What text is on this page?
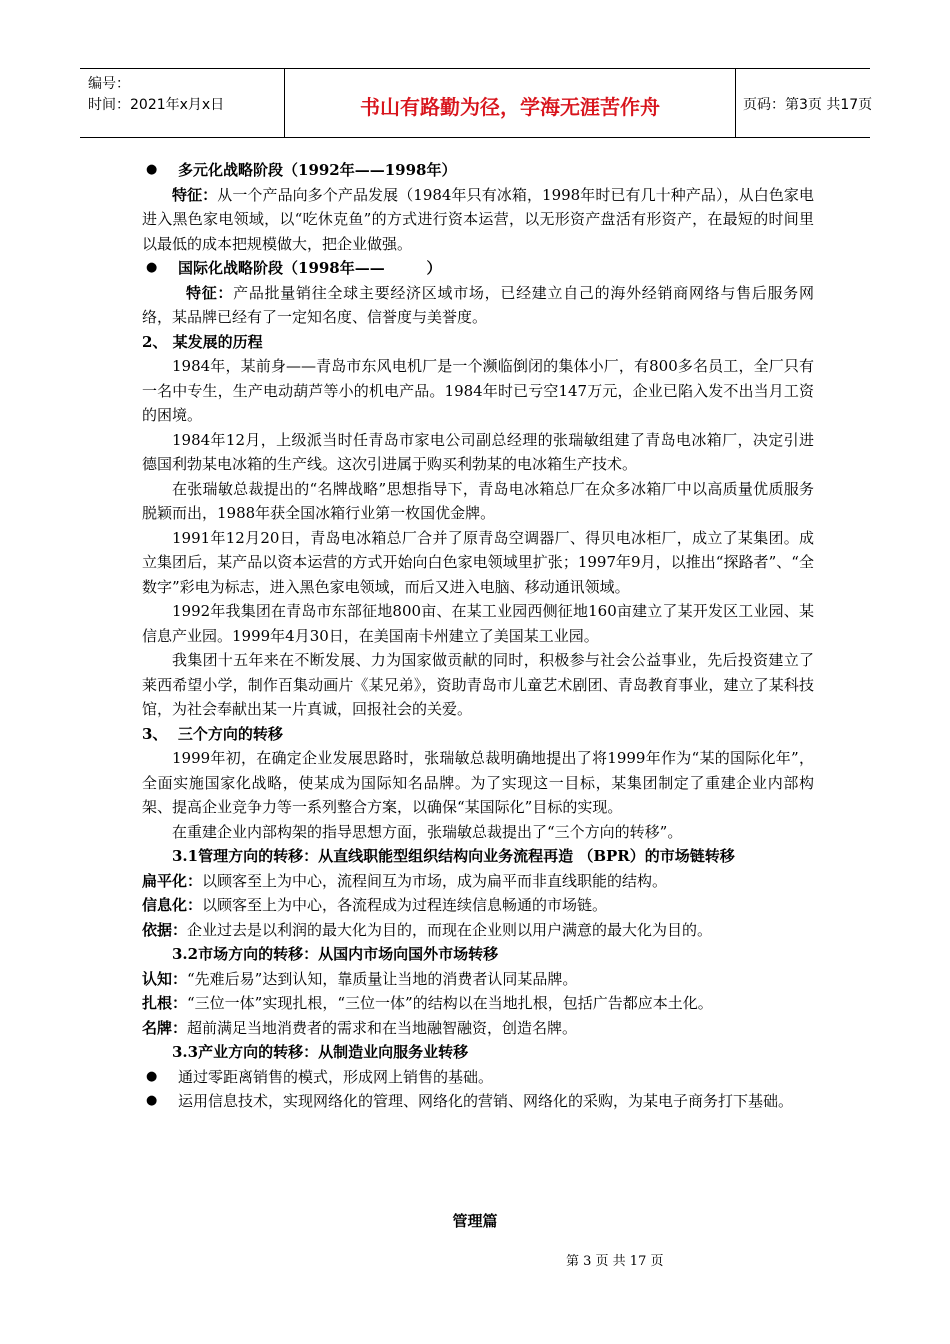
编号：
时间：2021年x月x日	书山有路勤为径，学海无涯苦作舟	页码：第3页 共17页
● 多元化战略阶段（1992年——1998年）

特征：从一个产品向多个产品发展（1984年只有冰箱，1998年时已有几十种产品），从白色家电进入黑色家电领域，以“吃休克鱼”的方式进行资本运营，以无形资产盘活有形资产，在最短的时间里以最低的成本把规模做大，把企业做强。

● 国际化战略阶段（1998年——        ）

特征：产品批量销往全球主要经济区域市场，已经建立自己的海外经销商网络与售后服务网络，某品牌已经有了一定知名度、信誉度与美誉度。

2、 某发展的历程

1984年，某前身——青岛市东风电机厂是一个濒临倒闭的集体小厂，有800多名员工，全厂只有一名中专生，生产电动葫芦等小的机电产品。1984年时已亏空147万元，企业已陷入发不出当月工资的困境。

1984年12月，上级派当时任青岛市家电公司副总经理的张瑞敏组建了青岛电冰箱厂，决定引进德国利勃某电冰箱的生产线。这次引进属于购买利勃某的电冰箱生产技术。

在张瑞敏总裁提出的“名牌战略”思想指导下，青岛电冰箱总厂在众多冰箱厂中以高质量优质服务脱颖而出，1988年获全国冰箱行业第一枚国优金牌。

1991年12月20日，青岛电冰箱总厂合并了原青岛空调器厂、得贝电冰柜厂，成立了某集团。成立集团后，某产品以资本运营的方式开始向白色家电领域里扩张；1997年9月，以推出“探路者”、“全数字”彩电为标志，进入黑色家电领域，而后又进入电脑、移动通讯领域。

1992年我集团在青岛市东部征地800亩、在某工业园西侧征地160亩建立了某开发区工业园、某信息产业园。1999年4月30日，在美国南卡州建立了美国某工业园。

我集团十五年来在不断发展、力为国家做贡献的同时，积极参与社会公益事业，先后投资建立了莱西希望小学，制作百集动画片《某兄弟》，资助青岛市儿童艺术剧团、青岛教育事业，建立了某科技馆，为社会奉献出某一片真诚，回报社会的关爱。

3、  三个方向的转移

1999年初，在确定企业发展思路时，张瑞敏总裁明确地提出了将1999年作为“某的国际化年”，全面实施国家化战略，使某成为国际知名品牌。为了实现这一目标，某集团制定了重建企业内部构架、提高企业竞争力等一系列整合方案，以确保“某国际化”目标的实现。

在重建企业内部构架的指导思想方面，张瑞敏总裁提出了“三个方向的转移”。

3.1管理方向的转移：从直线职能型组织结构向业务流程再造 （BPR）的市场链转移

扁平化：以顾客至上为中心，流程间互为市场，成为扁平而非直线职能的结构。

信息化：以顾客至上为中心，各流程成为过程连续信息畅通的市场链。

依据：企业过去是以利润的最大化为目的，而现在企业则以用户满意的最大化为目的。

3.2市场方向的转移：从国内市场向国外市场转移

认知：“先难后易”达到认知，靠质量让当地的消费者认同某品牌。

扎根：“三位一体”实现扎根，“三位一体”的结构以在当地扎根，包括广告都应本土化。

名牌：超前满足当地消费者的需求和在当地融智融资，创造名牌。

3.3产业方向的转移：从制造业向服务业转移

● 通过零距离销售的模式，形成网上销售的基础。
● 运用信息技术，实现网络化的管理、网络化的营销、网络化的采购，为某电子商务打下基础。
管理篇
第 3 页 共 17 页
